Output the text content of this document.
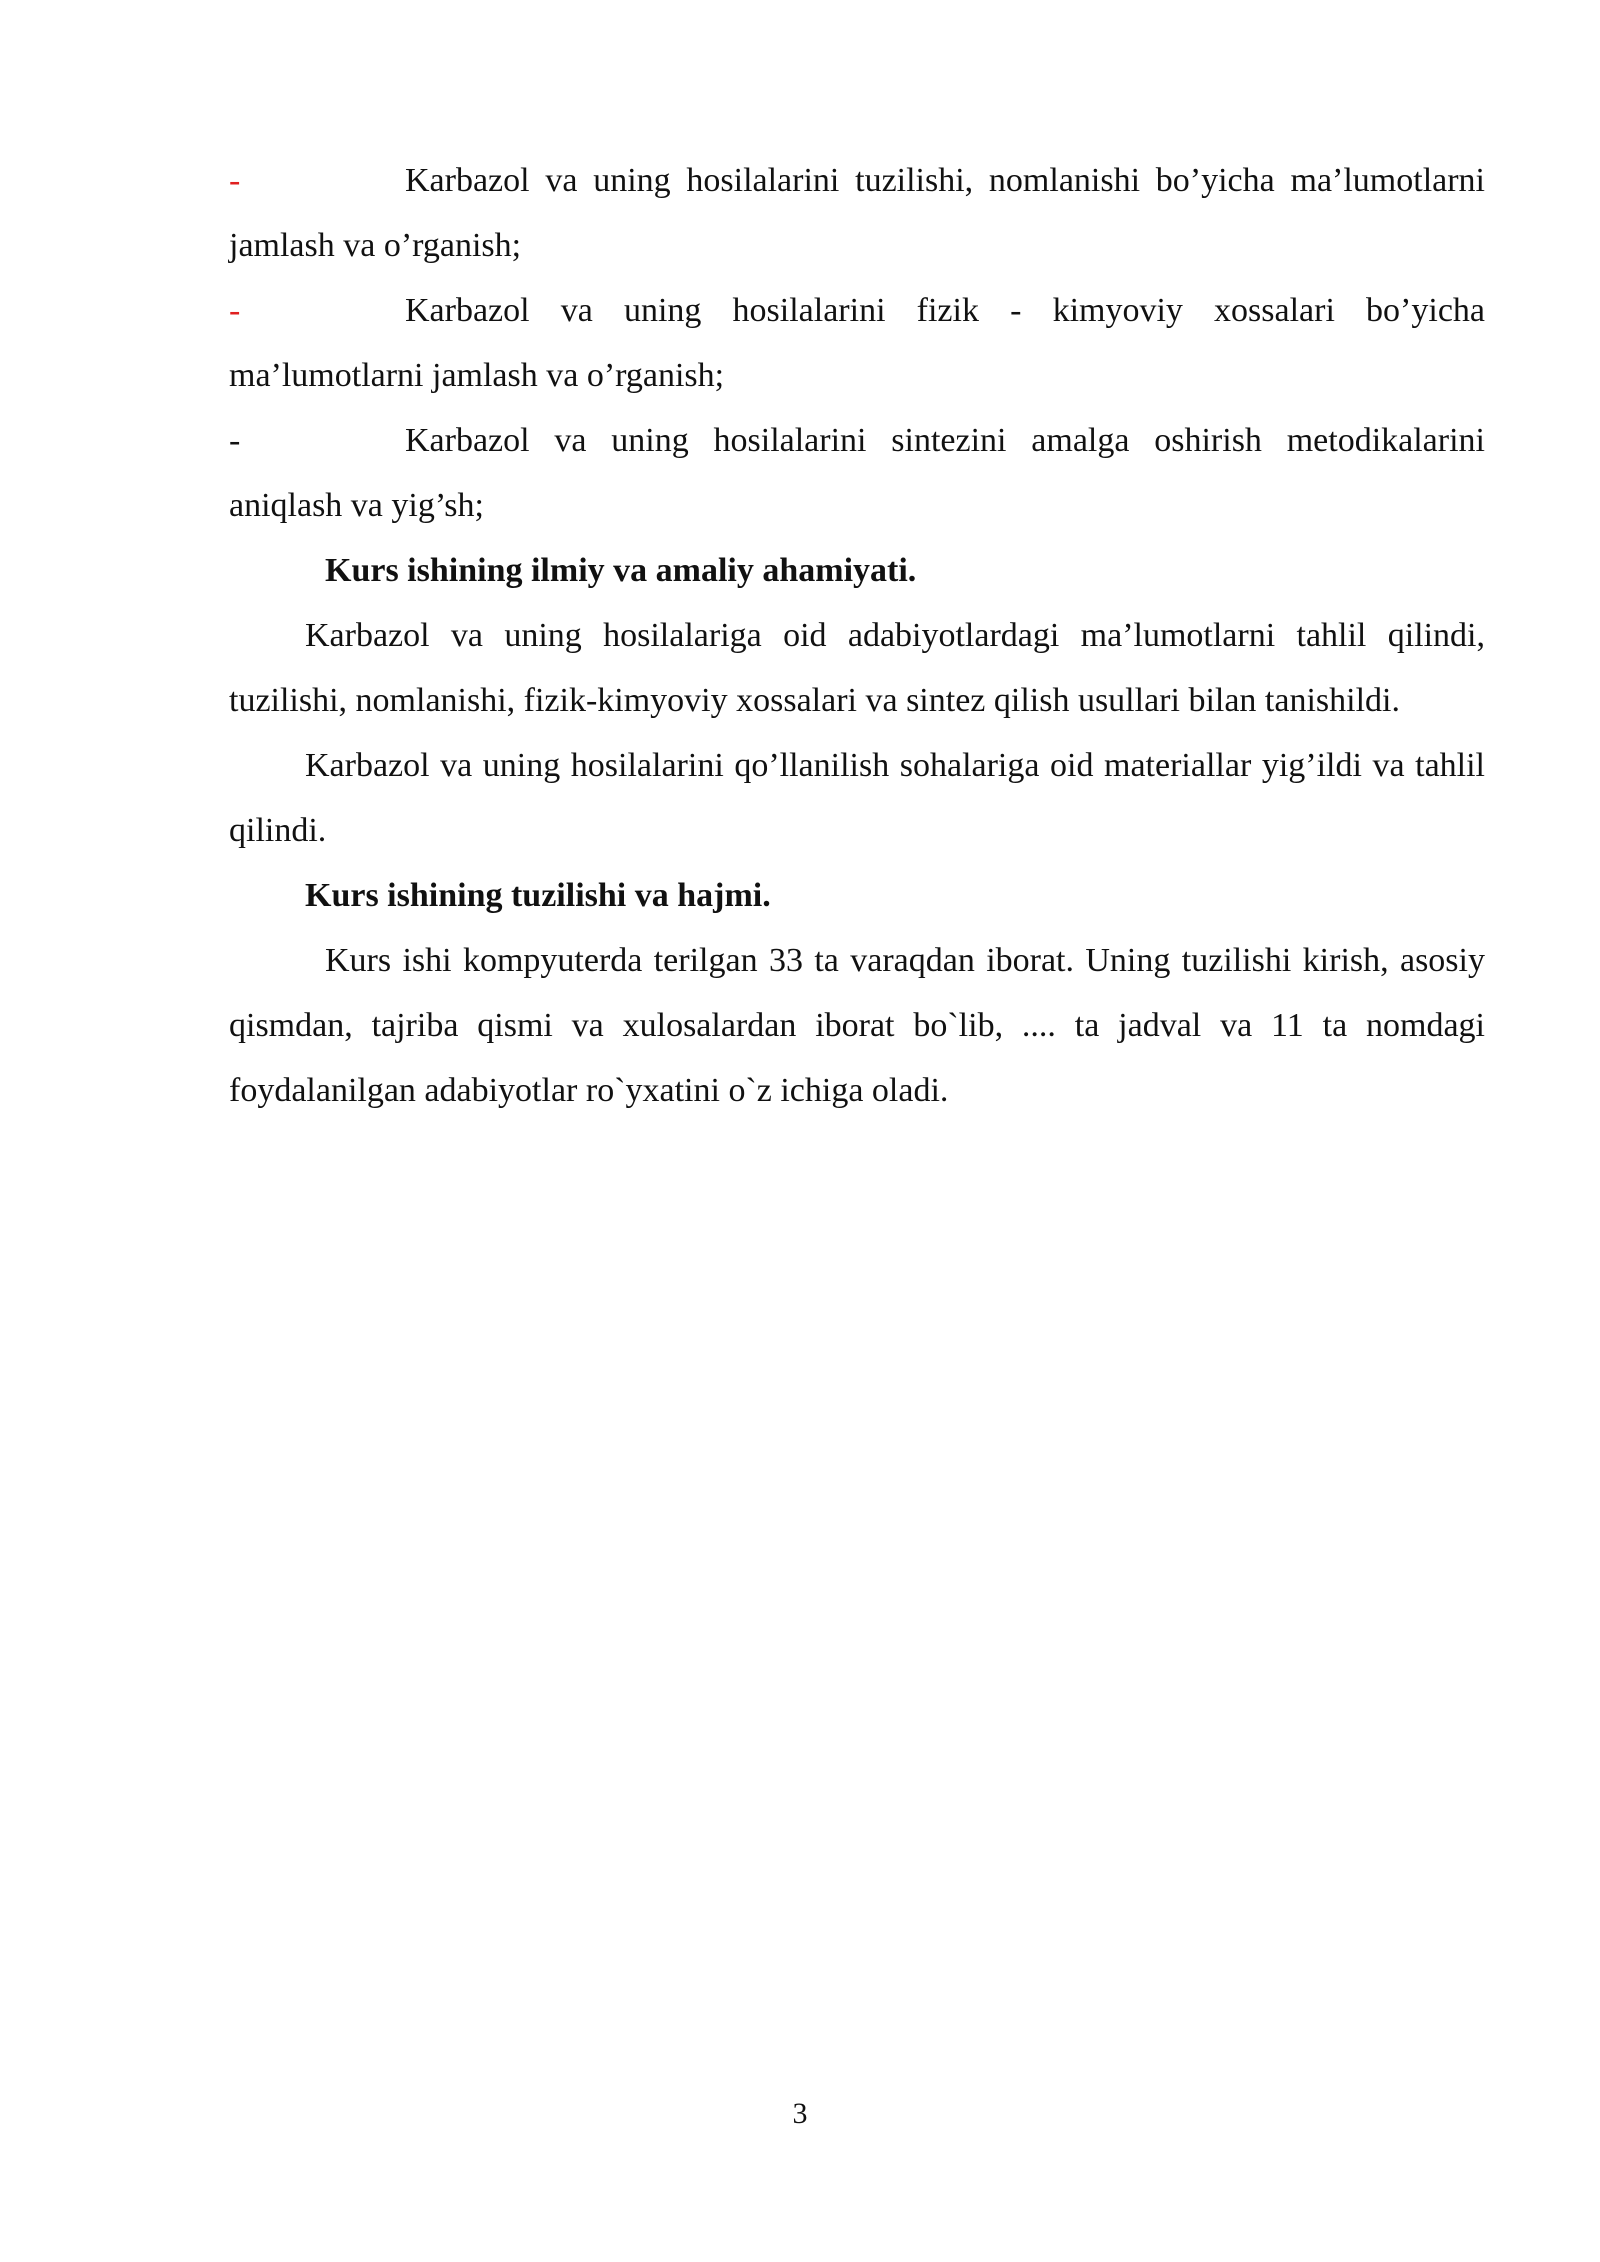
-	Karbazol va uning hosilalarini tuzilishi, nomlanishi bo’yicha ma’lumotlarni jamlash va o’rganish;

-	Karbazol va uning hosilalarini fizik - kimyoviy xossalari bo’yicha ma’lumotlarni jamlash va o’rganish;

-	Karbazol va uning hosilalarini sintezini amalga oshirish metodikalarini aniqlash va yig’sh;

Kurs ishining ilmiy va amaliy ahamiyati.

Karbazol va uning hosilalariga oid adabiyotlardagi ma’lumotlarni tahlil qilindi, tuzilishi, nomlanishi, fizik-kimyoviy xossalari va sintez qilish usullari bilan tanishildi.

Karbazol va uning hosilalarini qo’llanilish sohalariga oid materiallar yig’ildi va tahlil qilindi.

Kurs ishining tuzilishi va hajmi.

Kurs ishi kompyuterda terilgan 33 ta varaqdan iborat. Uning tuzilishi kirish, asosiy qismdan, tajriba qismi va xulosalardan iborat bo`lib, .... ta jadval va 11 ta nomdagi foydalanilgan adabiyotlar ro`yxatini o`z ichiga oladi.

3
